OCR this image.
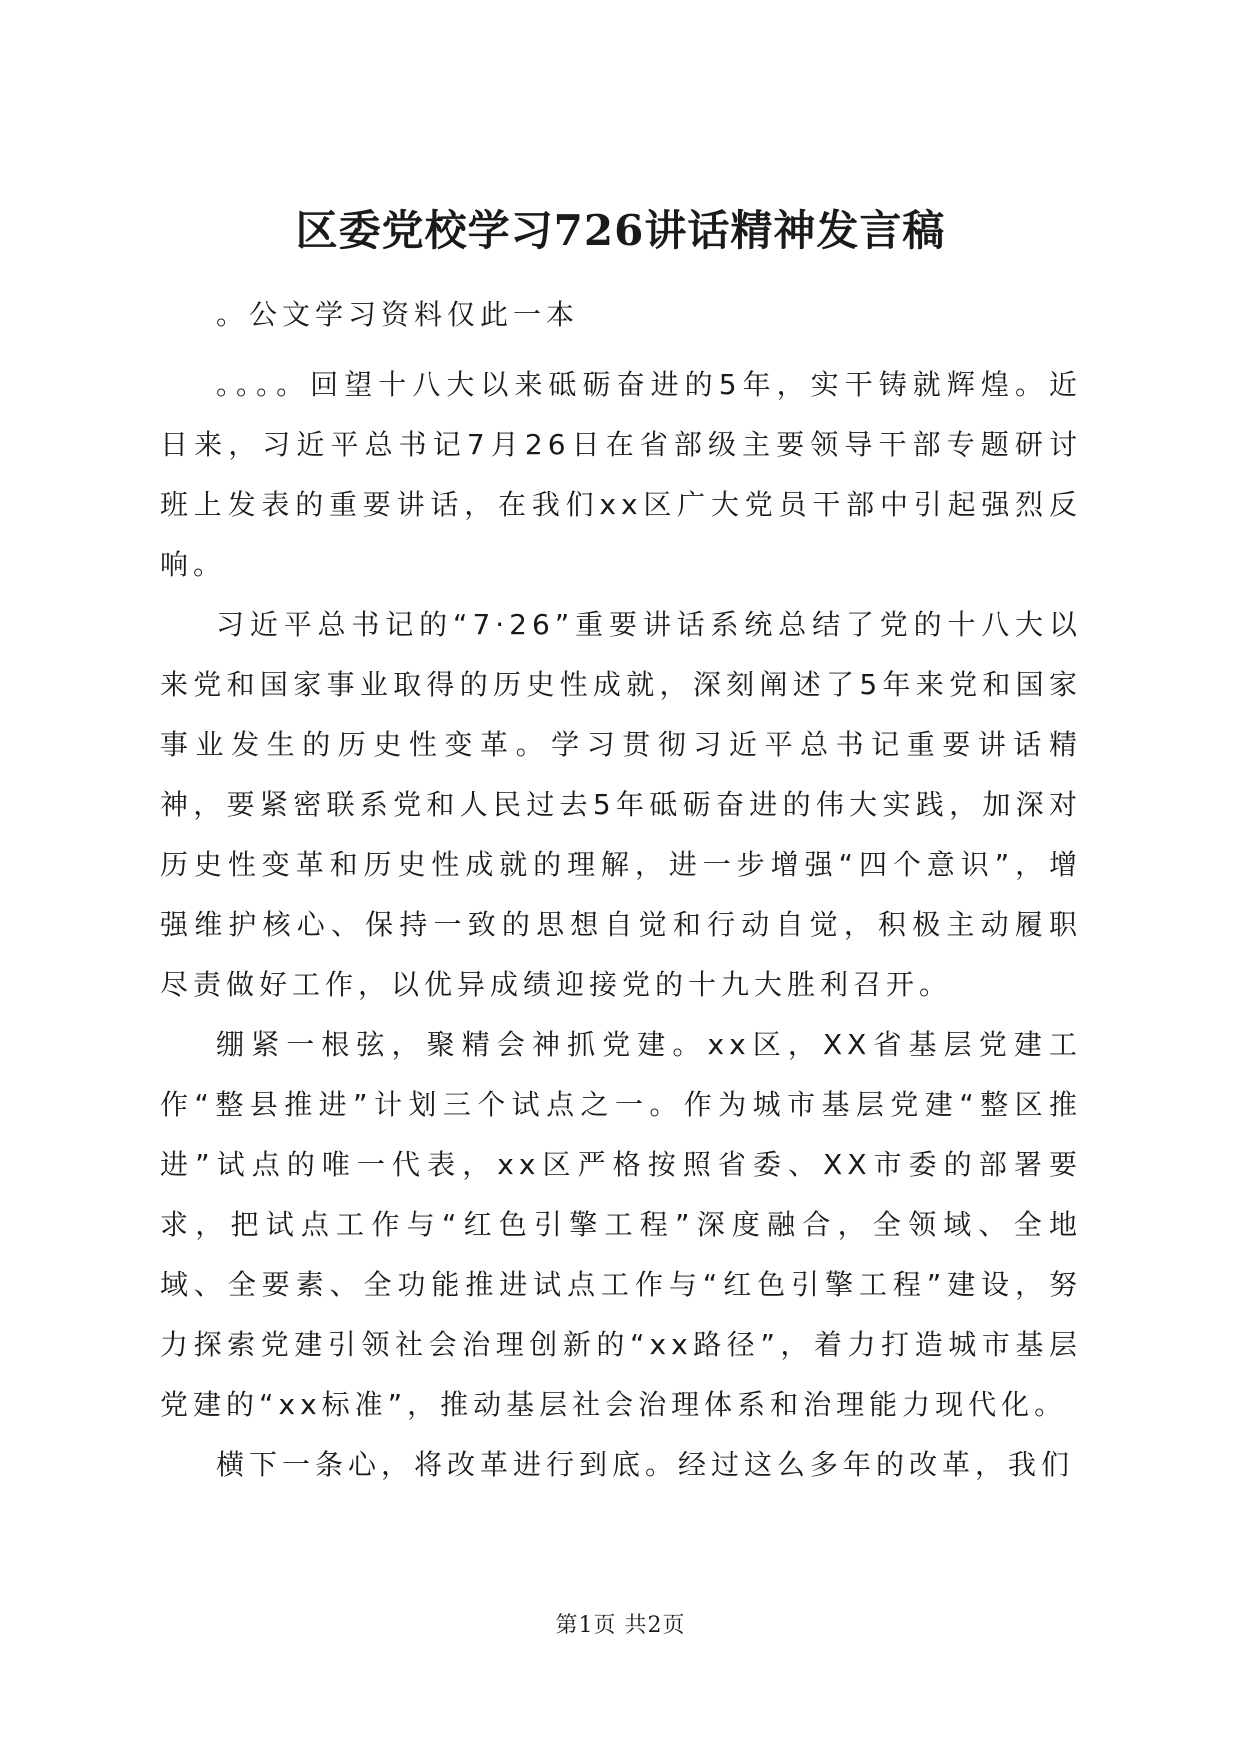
区委党校学习726讲话精神发言稿

。公文学习资料仅此一本

。。。。回望十八大以来砥砺奋进的5年，实干铸就辉煌。近日来，习近平总书记7月26日在省部级主要领导干部专题研讨班上发表的重要讲话，在我们xx区广大党员干部中引起强烈反响。

习近平总书记的“7·26”重要讲话系统总结了党的十八大以来党和国家事业取得的历史性成就，深刻阐述了5年来党和国家事业发生的历史性变革。学习贯彻习近平总书记重要讲话精神，要紧密联系党和人民过去5年砥砺奋进的伟大实践，加深对历史性变革和历史性成就的理解，进一步增强“四个意识”，增强维护核心、保持一致的思想自觉和行动自觉，积极主动履职尽责做好工作，以优异成绩迎接党的十九大胜利召开。

绷紧一根弦，聚精会神抓党建。xx区，XX省基层党建工作“整县推进”计划三个试点之一。作为城市基层党建“整区推进”试点的唯一代表，xx区严格按照省委、XX市委的部署要求，把试点工作与“红色引擎工程”深度融合，全领域、全地域、全要素、全功能推进试点工作与“红色引擎工程”建设，努力探索党建引领社会治理创新的“xx路径”，着力打造城市基层党建的“xx标准”，推动基层社会治理体系和治理能力现代化。

横下一条心，将改革进行到底。经过这么多年的改革，我们

第1页 共2页
